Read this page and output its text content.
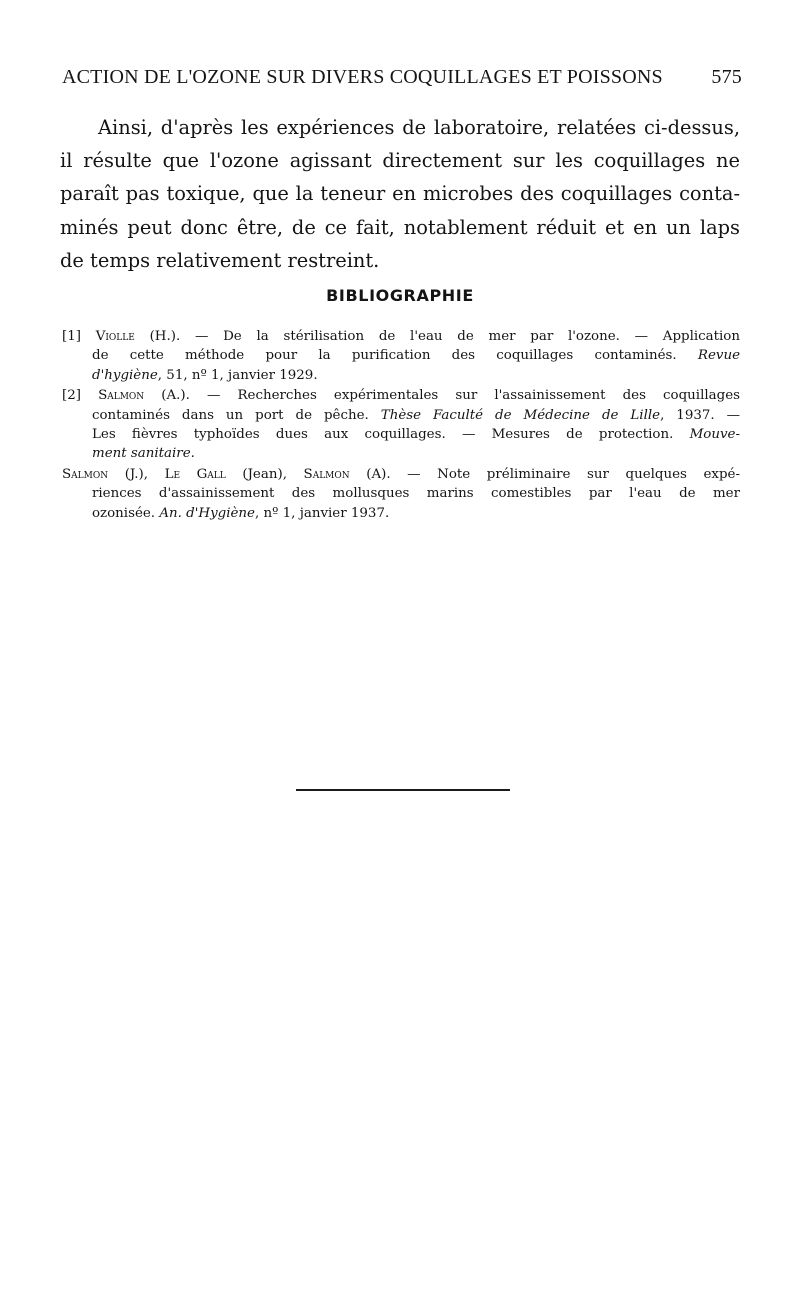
ACTION DE L'OZONE SUR DIVERS COQUILLAGES ET POISSONS 575
Ainsi, d'après les expériences de laboratoire, relatées ci-dessus,
il résulte que l'ozone agissant directement sur les coquillages ne
paraît pas toxique, que la teneur en microbes des coquillages conta-
minés peut donc être, de ce fait, notablement réduit et en un laps
de temps relativement restreint.
BIBLIOGRAPHIE
[1] Violle (H.). — De la stérilisation de l'eau de mer par l'ozone. — Application
de cette méthode pour la purification des coquillages contaminés. Revue
d'hygiène, 51, nº 1, janvier 1929.
[2] Salmon (A.). — Recherches expérimentales sur l'assainissement des coquillages
contaminés dans un port de pêche. Thèse Faculté de Médecine de Lille, 1937. —
Les fièvres typhoïdes dues aux coquillages. — Mesures de protection. Mouve-
ment sanitaire.
Salmon (J.), Le Gall (Jean), Salmon (A). — Note préliminaire sur quelques expé-
riences d'assainissement des mollusques marins comestibles par l'eau de mer
ozonisée. An. d'Hygiène, nº 1, janvier 1937.
